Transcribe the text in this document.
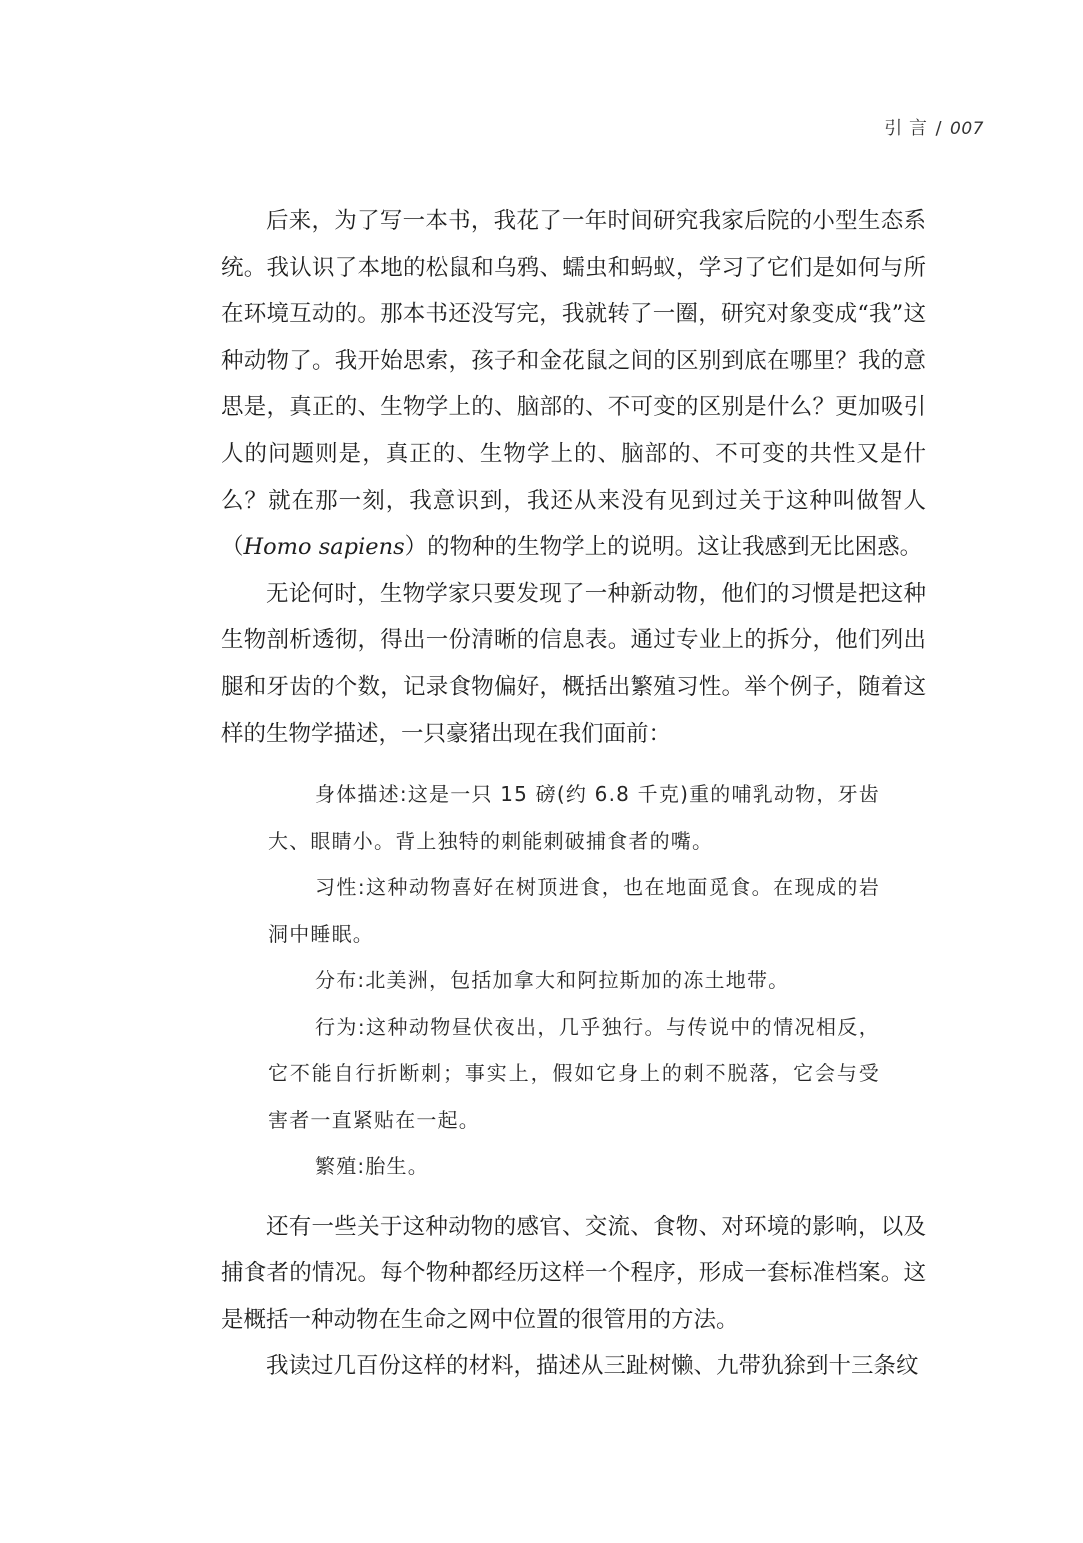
引 言 / 007

后来，为了写一本书，我花了一年时间研究我家后院的小型生态系统。我认识了本地的松鼠和乌鸦、蠕虫和蚂蚁，学习了它们是如何与所在环境互动的。那本书还没写完，我就转了一圈，研究对象变成“我”这种动物了。我开始思索，孩子和金花鼠之间的区别到底在哪里？我的意思是，真正的、生物学上的、脑部的、不可变的区别是什么？更加吸引人的问题则是，真正的、生物学上的、脑部的、不可变的共性又是什么？就在那一刻，我意识到，我还从来没有见到过关于这种叫做智人（Homo sapiens）的物种的生物学上的说明。这让我感到无比困惑。

无论何时，生物学家只要发现了一种新动物，他们的习惯是把这种生物剖析透彻，得出一份清晰的信息表。通过专业上的拆分，他们列出腿和牙齿的个数，记录食物偏好，概括出繁殖习性。举个例子，随着这样的生物学描述，一只豪猪出现在我们面前：

身体描述:这是一只 15 磅(约 6.8 千克)重的哺乳动物，牙齿大、眼睛小。背上独特的刺能刺破捕食者的嘴。

习性:这种动物喜好在树顶进食，也在地面觅食。在现成的岩洞中睡眠。

分布:北美洲，包括加拿大和阿拉斯加的冻土地带。

行为:这种动物昼伏夜出，几乎独行。与传说中的情况相反，它不能自行折断刺；事实上，假如它身上的刺不脱落，它会与受害者一直紧贴在一起。

繁殖:胎生。

还有一些关于这种动物的感官、交流、食物、对环境的影响，以及捕食者的情况。每个物种都经历这样一个程序，形成一套标准档案。这是概括一种动物在生命之网中位置的很管用的方法。

我读过几百份这样的材料，描述从三趾树懒、九带犰狳到十三条纹
